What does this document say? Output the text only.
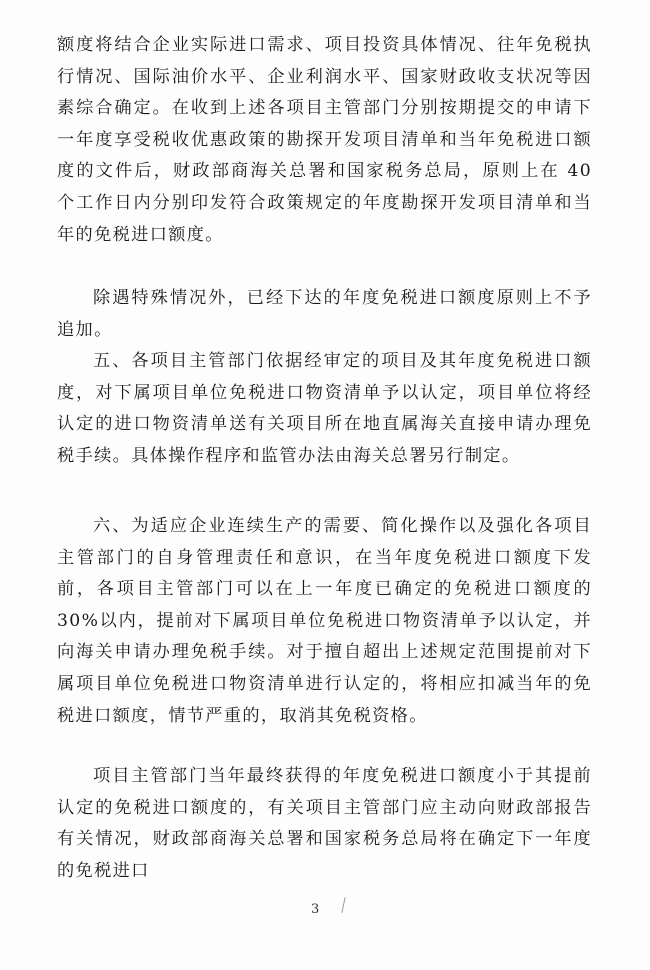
额度将结合企业实际进口需求、项目投资具体情况、往年免税执行情况、国际油价水平、企业利润水平、国家财政收支状况等因素综合确定。在收到上述各项目主管部门分别按期提交的申请下一年度享受税收优惠政策的勘探开发项目清单和当年免税进口额度的文件后，财政部商海关总署和国家税务总局，原则上在 40 个工作日内分别印发符合政策规定的年度勘探开发项目清单和当年的免税进口额度。

除遇特殊情况外，已经下达的年度免税进口额度原则上不予追加。

五、各项目主管部门依据经审定的项目及其年度免税进口额度，对下属项目单位免税进口物资清单予以认定，项目单位将经认定的进口物资清单送有关项目所在地直属海关直接申请办理免税手续。具体操作程序和监管办法由海关总署另行制定。

六、为适应企业连续生产的需要、简化操作以及强化各项目主管部门的自身管理责任和意识，在当年度免税进口额度下发前，各项目主管部门可以在上一年度已确定的免税进口额度的 30%以内，提前对下属项目单位免税进口物资清单予以认定，并向海关申请办理免税手续。对于擅自超出上述规定范围提前对下属项目单位免税进口物资清单进行认定的，将相应扣减当年的免税进口额度，情节严重的，取消其免税资格。

项目主管部门当年最终获得的年度免税进口额度小于其提前认定的免税进口额度的，有关项目主管部门应主动向财政部报告有关情况，财政部商海关总署和国家税务总局将在确定下一年度的免税进口

3
